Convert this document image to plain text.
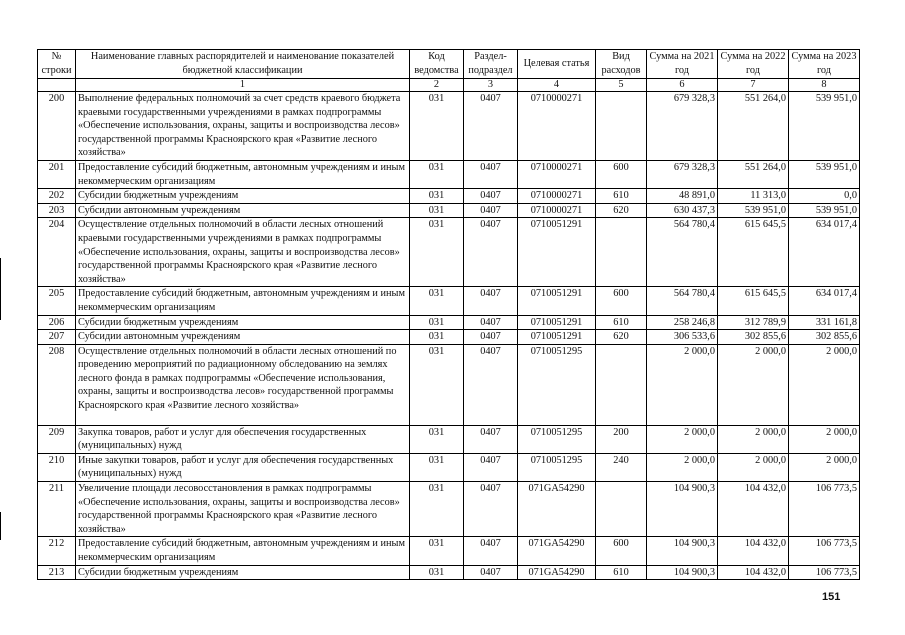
№ строки	Наименование главных распорядителей и наименование показателей бюджетной классификации	Код ведомства	Раздел-подраздел	Целевая статья	Вид расходов	Сумма на 2021 год	Сумма на 2022 год	Сумма на 2023 год
	1	2	3	4	5	6	7	8
200	Выполнение федеральных полномочий за счет средств краевого бюджета краевыми государственными учреждениями в рамках подпрограммы «Обеспечение использования, охраны, защиты и воспроизводства лесов» государственной программы Красноярского края «Развитие лесного хозяйства»	031	0407	0710000271		679 328,3	551 264,0	539 951,0
201	Предоставление субсидий бюджетным, автономным учреждениям и иным некоммерческим организациям	031	0407	0710000271	600	679 328,3	551 264,0	539 951,0
202	Субсидии бюджетным учреждениям	031	0407	0710000271	610	48 891,0	11 313,0	0,0
203	Субсидии автономным учреждениям	031	0407	0710000271	620	630 437,3	539 951,0	539 951,0
204	Осуществление отдельных полномочий в области лесных отношений краевыми государственными учреждениями в рамках подпрограммы «Обеспечение использования, охраны, защиты и воспроизводства лесов» государственной программы Красноярского края «Развитие лесного хозяйства»	031	0407	0710051291		564 780,4	615 645,5	634 017,4
205	Предоставление субсидий бюджетным, автономным учреждениям и иным некоммерческим организациям	031	0407	0710051291	600	564 780,4	615 645,5	634 017,4
206	Субсидии бюджетным учреждениям	031	0407	0710051291	610	258 246,8	312 789,9	331 161,8
207	Субсидии автономным учреждениям	031	0407	0710051291	620	306 533,6	302 855,6	302 855,6
208	Осуществление отдельных полномочий в области лесных отношений по проведению мероприятий по радиационному обследованию на землях лесного фонда в рамках подпрограммы «Обеспечение использования, охраны, защиты и воспроизводства лесов» государственной программы Красноярского края «Развитие лесного хозяйства»	031	0407	0710051295		2 000,0	2 000,0	2 000,0
209	Закупка товаров, работ и услуг для обеспечения государственных (муниципальных) нужд	031	0407	0710051295	200	2 000,0	2 000,0	2 000,0
210	Иные закупки товаров, работ и услуг для обеспечения государственных (муниципальных) нужд	031	0407	0710051295	240	2 000,0	2 000,0	2 000,0
211	Увеличение площади лесовосстановления в рамках подпрограммы «Обеспечение использования, охраны, защиты и воспроизводства лесов» государственной программы Красноярского края «Развитие лесного хозяйства»	031	0407	071GA54290		104 900,3	104 432,0	106 773,5
212	Предоставление субсидий бюджетным, автономным учреждениям и иным некоммерческим организациям	031	0407	071GA54290	600	104 900,3	104 432,0	106 773,5
213	Субсидии бюджетным учреждениям	031	0407	071GA54290	610	104 900,3	104 432,0	106 773,5
151
